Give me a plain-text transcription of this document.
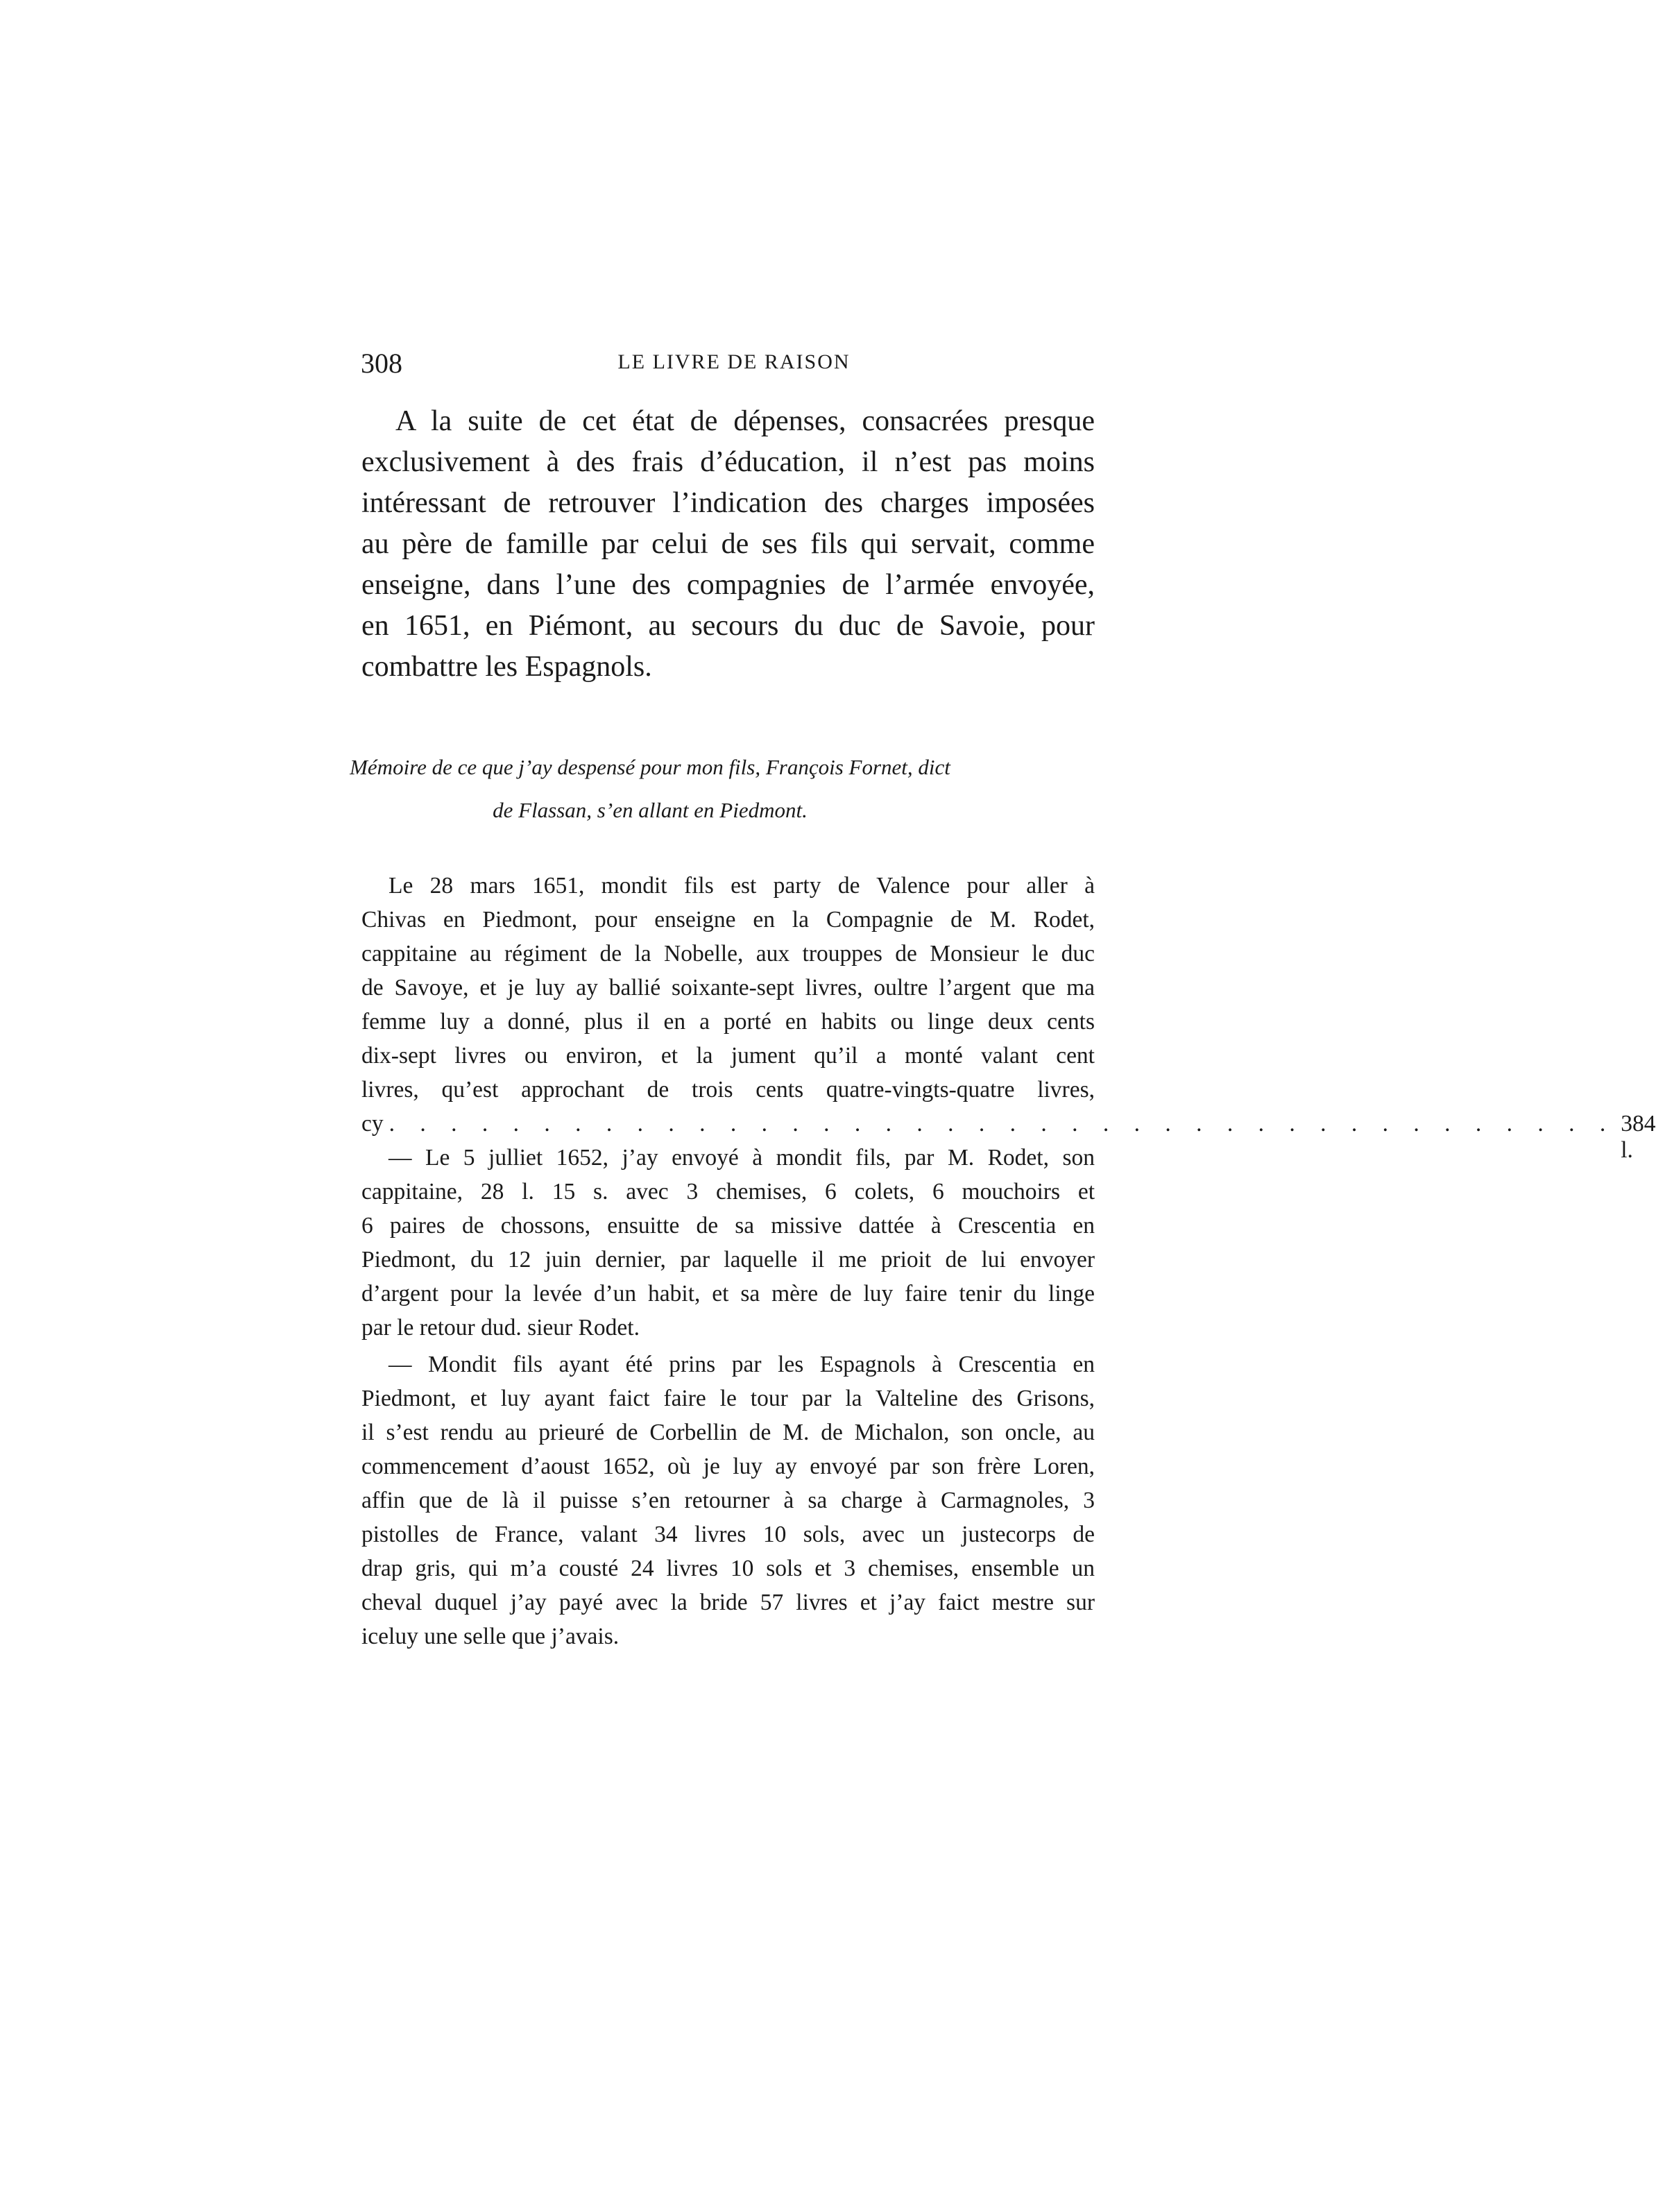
308	LE LIVRE DE RAISON
A la suite de cet état de dépenses, consacrées presque
exclusivement à des frais d’éducation, il n’est pas moins
intéressant de retrouver l’indication des charges imposées
au père de famille par celui de ses fils qui servait, comme
enseigne, dans l’une des compagnies de l’armée envoyée,
en 1651, en Piémont, au secours du duc de Savoie, pour
combattre les Espagnols.
Mémoire de ce que j’ay despensé pour mon fils, François Fornet, dict
de Flassan, s’en allant en Piedmont.
Le 28 mars 1651, mondit fils est party de Valence pour aller à
Chivas en Piedmont, pour enseigne en la Compagnie de M. Rodet,
cappitaine au régiment de la Nobelle, aux trouppes de Monsieur le duc
de Savoye, et je luy ay ballié soixante-sept livres, oultre l’argent que ma
femme luy a donné, plus il en a porté en habits ou linge deux cents
dix-sept livres ou environ, et la jument qu’il a monté valant cent
livres, qu’est approchant de trois cents quatre-vingts-quatre livres,
cy . . . . . . . . . . . . . . . . . . . . . . . . . . . . . . . . . . . . . . . . 384 l.
— Le 5 julliet 1652, j’ay envoyé à mondit fils, par M. Rodet, son
cappitaine, 28 l. 15 s. avec 3 chemises, 6 colets, 6 mouchoirs et
6 paires de chossons, ensuitte de sa missive dattée à Crescentia en
Piedmont, du 12 juin dernier, par laquelle il me prioit de lui envoyer
d’argent pour la levée d’un habit, et sa mère de luy faire tenir du linge
par le retour dud. sieur Rodet.
— Mondit fils ayant été prins par les Espagnols à Crescentia en
Piedmont, et luy ayant faict faire le tour par la Valteline des Grisons,
il s’est rendu au prieuré de Corbellin de M. de Michalon, son oncle, au
commencement d’aoust 1652, où je luy ay envoyé par son frère Loren,
affin que de là il puisse s’en retourner à sa charge à Carmagnoles, 3
pistolles de France, valant 34 livres 10 sols, avec un justecorps de
drap gris, qui m’a cousté 24 livres 10 sols et 3 chemises, ensemble un
cheval duquel j’ay payé avec la bride 57 livres et j’ay faict mestre sur
iceluy une selle que j’avais.
